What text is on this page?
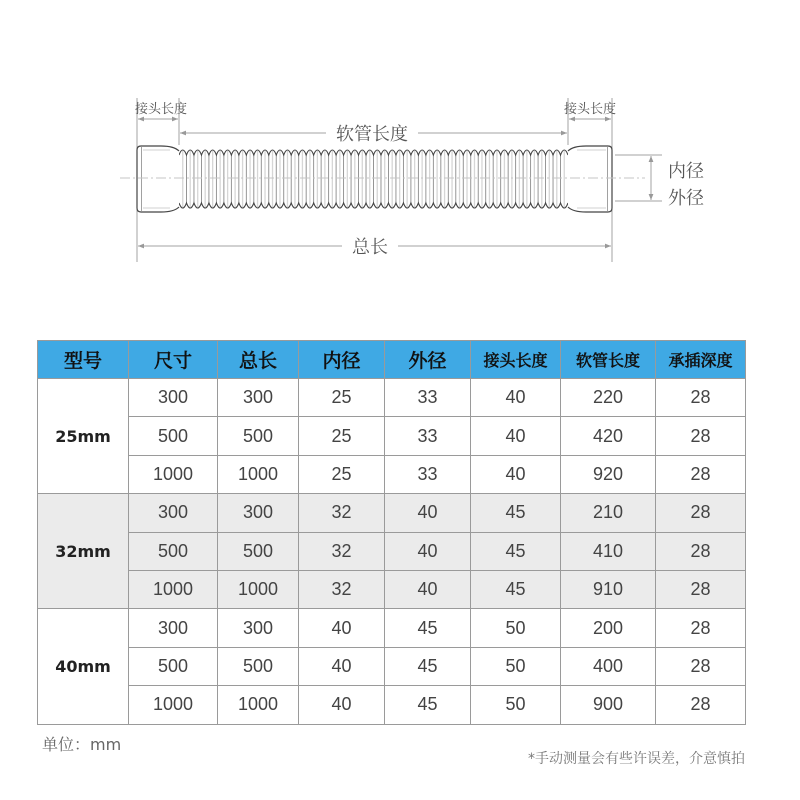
接头长度	接头长度
软管长度
内径
外径
总长
型号	尺寸	总长	内径	外径	接头长度	软管长度	承插深度
25mm	300	300	25	33	40	220	28
	500	500	25	33	40	420	28
	1000	1000	25	33	40	920	28
32mm	300	300	32	40	45	210	28
	500	500	32	40	45	410	28
	1000	1000	32	40	45	910	28
40mm	300	300	40	45	50	200	28
	500	500	40	45	50	400	28
	1000	1000	40	45	50	900	28
单位：mm
*手动测量会有些许误差，介意慎拍
